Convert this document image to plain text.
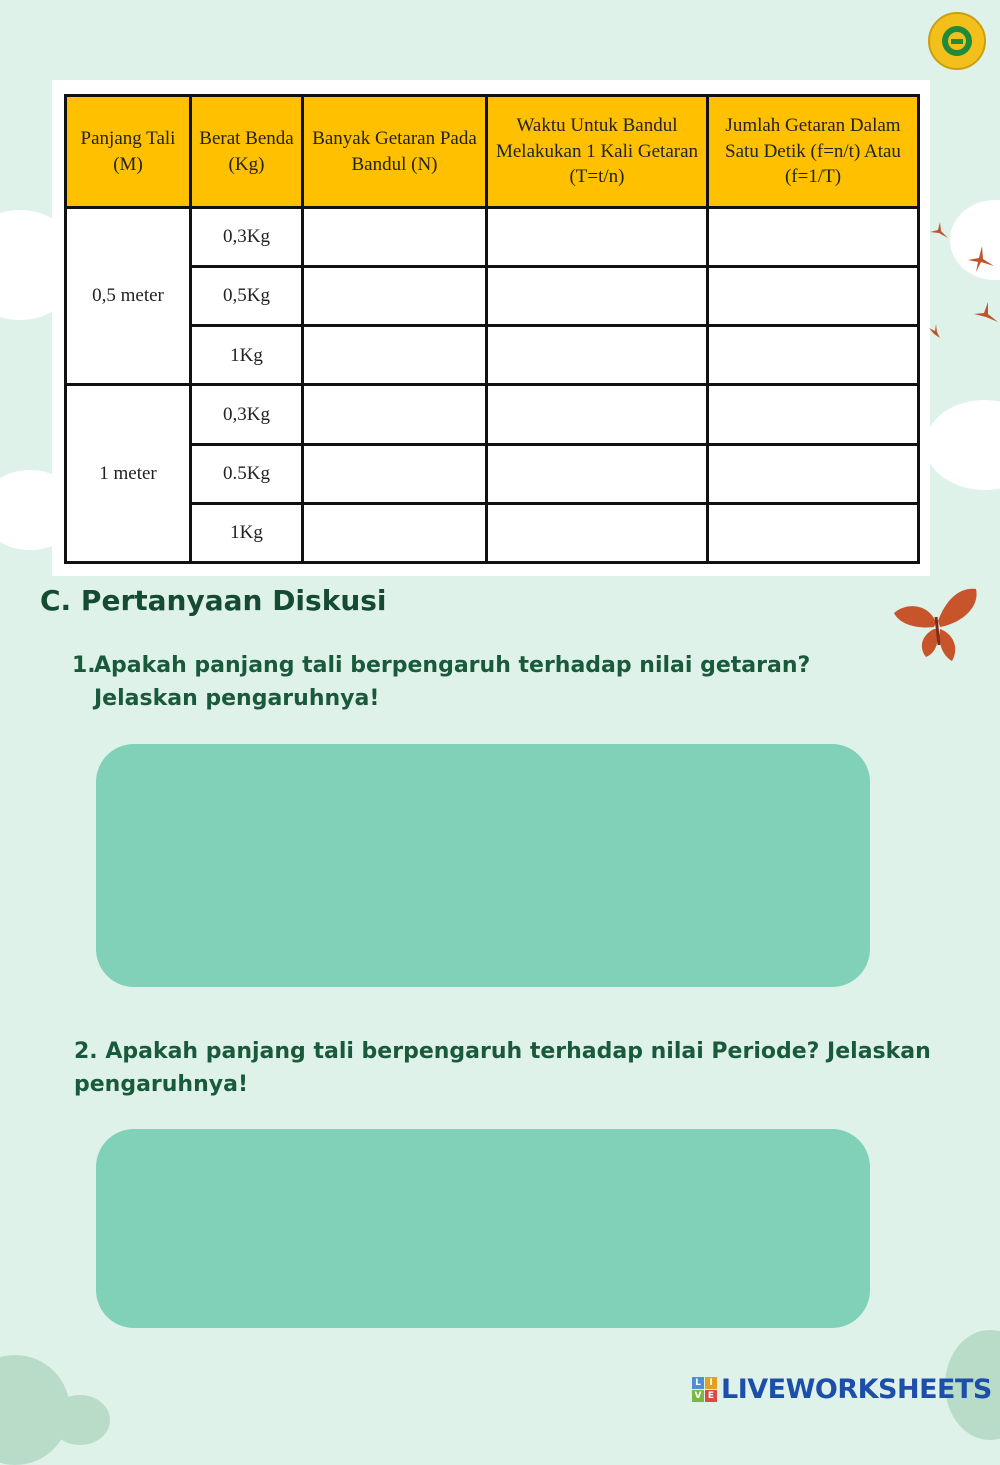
Panjang Tali (M)	Berat Benda (Kg)	Banyak Getaran Pada Bandul (N)	Waktu Untuk Bandul Melakukan 1 Kali Getaran (T=t/n)	Jumlah Getaran Dalam Satu Detik (f=n/t) Atau (f=1/T)
0,5 meter	0,3Kg			
	0,5Kg			
	1Kg			
1 meter	0,3Kg			
	0.5Kg			
	1Kg			
C. Pertanyaan Diskusi

1.Apakah panjang tali berpengaruh terhadap nilai getaran? Jelaskan pengaruhnya!

2. Apakah panjang tali berpengaruh terhadap nilai Periode? Jelaskan pengaruhnya!

L I
V E LIVEWORKSHEETS
